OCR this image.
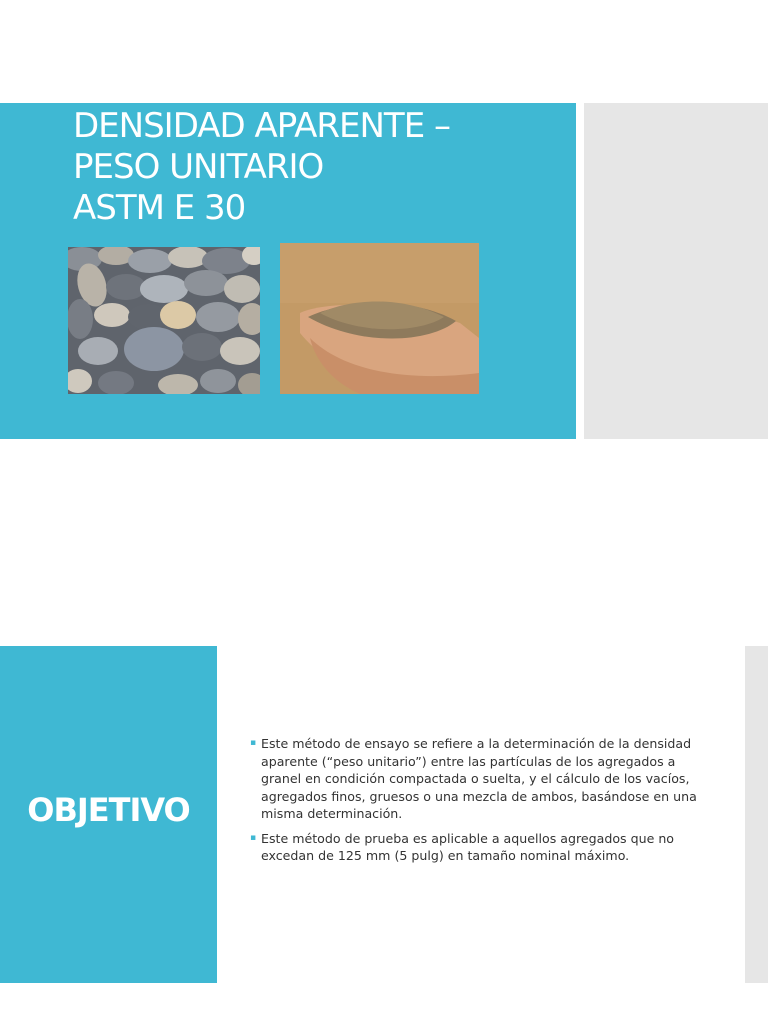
DENSIDAD APARENTE –
PESO UNITARIO
ASTM E 30
OBJETIVO
▪ Este método de ensayo se refiere a la determinación de la densidad aparente (“peso unitario”) entre las partículas de los agregados a granel en condición compactada o suelta, y el cálculo de los vacíos, agregados finos, gruesos o una mezcla de ambos, basándose en una misma determinación.
▪ Este método de prueba es aplicable a aquellos agregados que no excedan de 125 mm (5 pulg) en tamaño nominal máximo.
